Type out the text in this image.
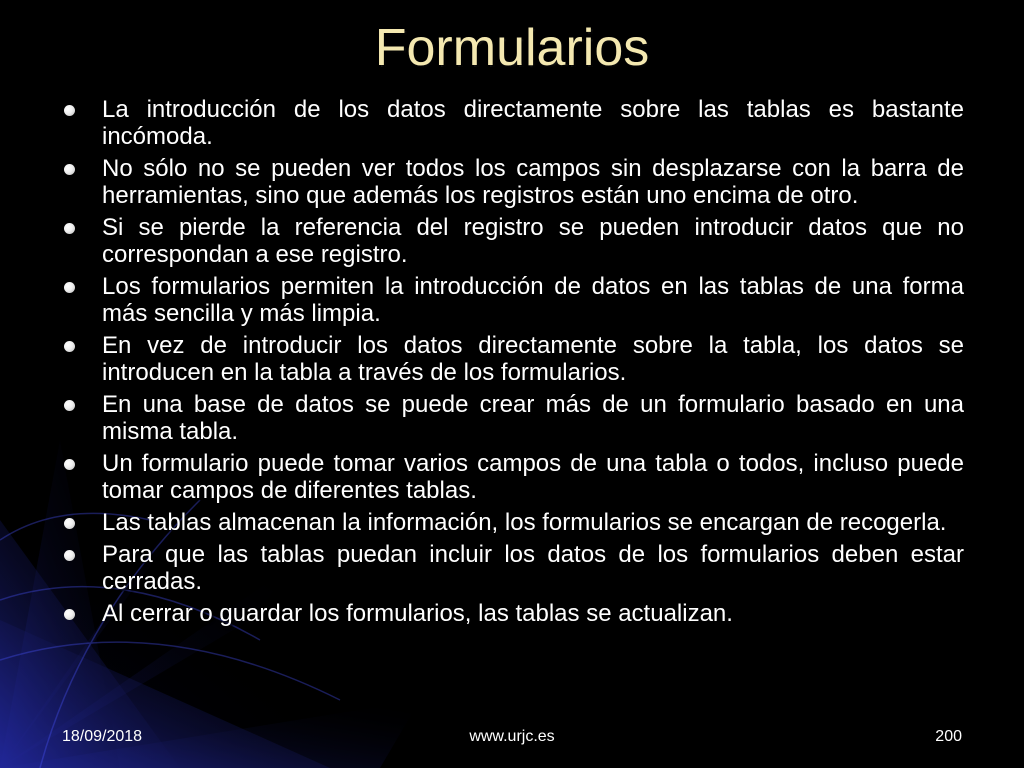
Formularios
La introducción de los datos directamente sobre las tablas es bastante incómoda.
No sólo no se pueden ver todos los campos sin desplazarse con la barra de herramientas, sino que además los registros están uno encima de otro.
Si se pierde la referencia del registro se pueden introducir datos que no correspondan a ese registro.
Los formularios permiten la introducción de datos en las tablas de una forma más sencilla y más limpia.
En vez de introducir los datos directamente sobre la tabla, los datos se introducen en la tabla a través de los formularios.
En una base de datos se puede crear más de un formulario basado en una misma tabla.
Un formulario puede tomar varios campos de una tabla o todos, incluso puede tomar campos de diferentes tablas.
Las tablas almacenan la información, los formularios se encargan de recogerla.
Para que las tablas puedan incluir los datos de los formularios deben estar cerradas.
Al cerrar o guardar los formularios, las tablas se actualizan.
18/09/2018	www.urjc.es	200
